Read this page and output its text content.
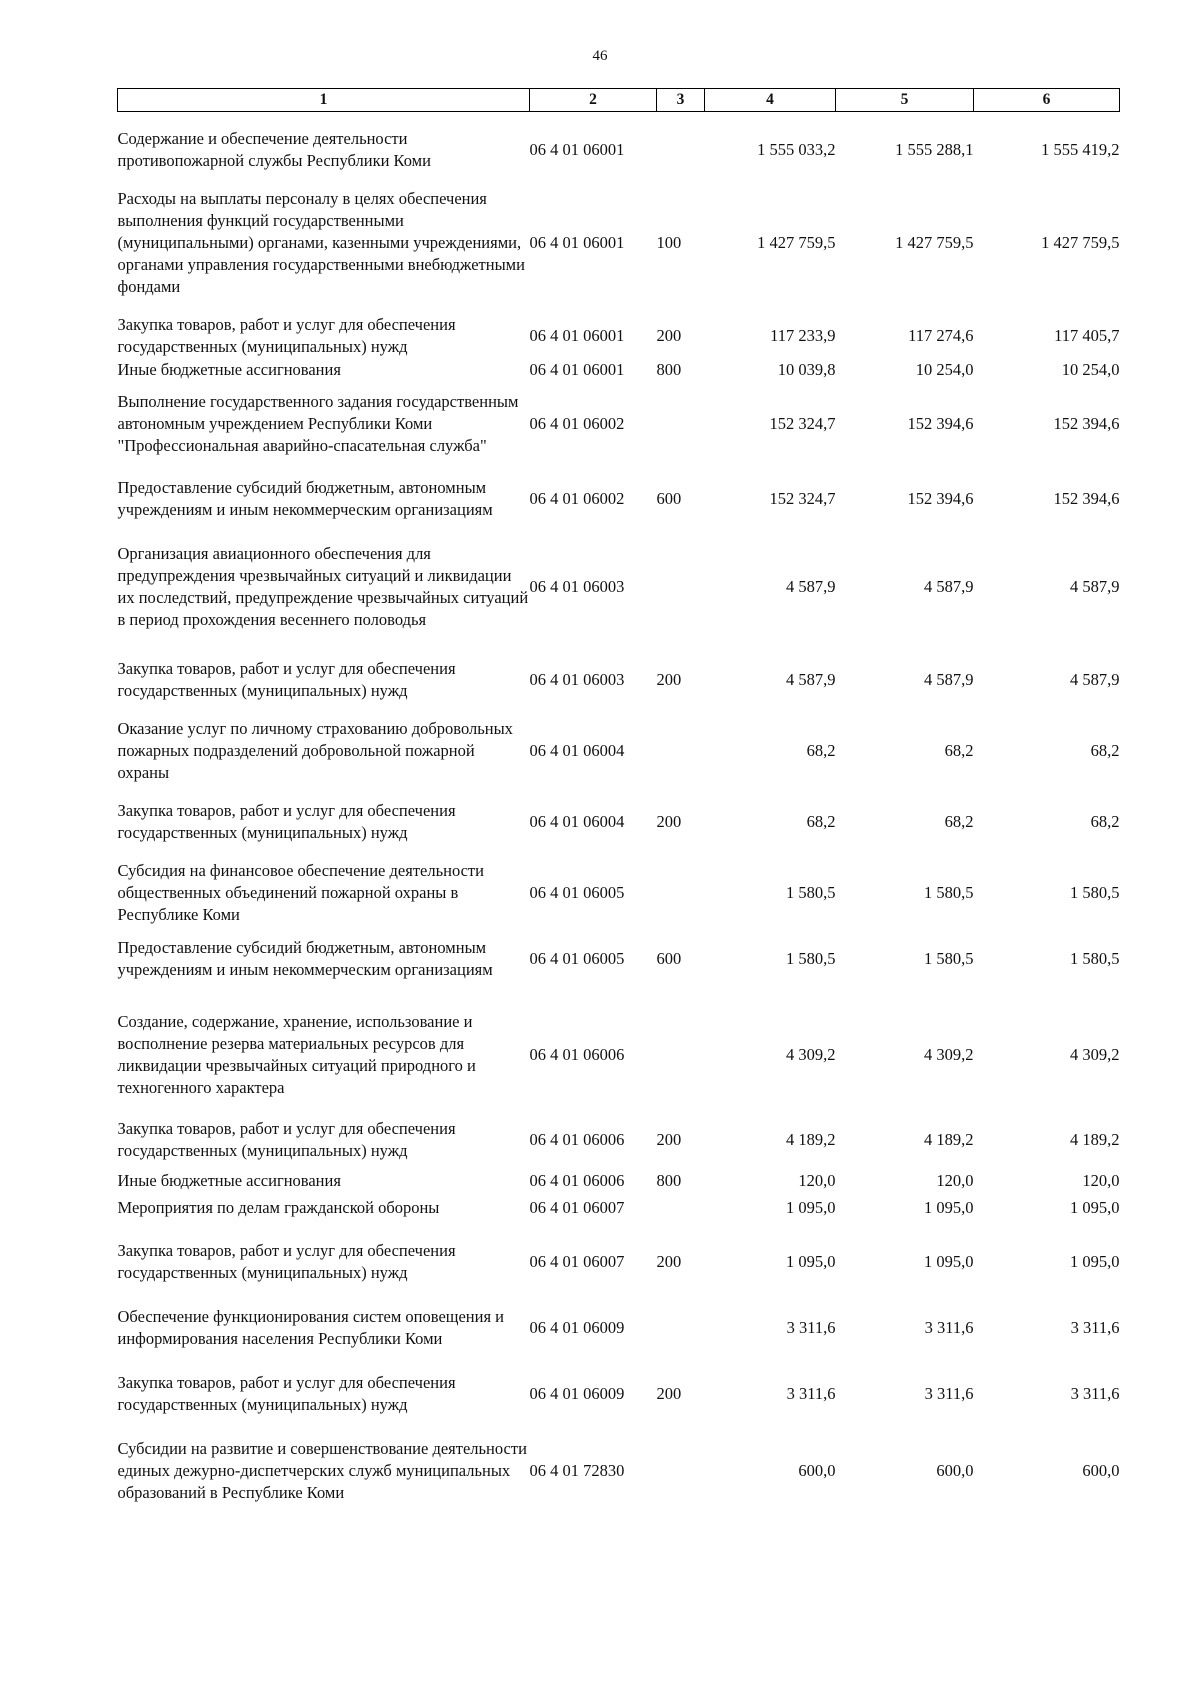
46
1	2	3	4	5	6
Содержание и обеспечение деятельности противопожарной службы Республики Коми	06 4 01 06001		1 555 033,2	1 555 288,1	1 555 419,2
Расходы на выплаты персоналу в целях обеспечения выполнения функций государственными (муниципальными) органами, казенными учреждениями, органами управления государственными внебюджетными фондами	06 4 01 06001	100	1 427 759,5	1 427 759,5	1 427 759,5
Закупка товаров, работ и услуг для обеспечения государственных (муниципальных) нужд	06 4 01 06001	200	117 233,9	117 274,6	117 405,7
Иные бюджетные ассигнования	06 4 01 06001	800	10 039,8	10 254,0	10 254,0
Выполнение государственного задания государственным автономным учреждением Республики Коми "Профессиональная аварийно-спасательная служба"	06 4 01 06002		152 324,7	152 394,6	152 394,6
Предоставление субсидий бюджетным, автономным учреждениям и иным некоммерческим организациям	06 4 01 06002	600	152 324,7	152 394,6	152 394,6
Организация авиационного обеспечения для предупреждения чрезвычайных ситуаций и ликвидации их последствий, предупреждение чрезвычайных ситуаций в период прохождения весеннего половодья	06 4 01 06003		4 587,9	4 587,9	4 587,9
Закупка товаров, работ и услуг для обеспечения государственных (муниципальных) нужд	06 4 01 06003	200	4 587,9	4 587,9	4 587,9
Оказание услуг по личному страхованию добровольных пожарных подразделений добровольной пожарной охраны	06 4 01 06004		68,2	68,2	68,2
Закупка товаров, работ и услуг для обеспечения государственных (муниципальных) нужд	06 4 01 06004	200	68,2	68,2	68,2
Субсидия на финансовое обеспечение деятельности общественных объединений пожарной охраны в Республике Коми	06 4 01 06005		1 580,5	1 580,5	1 580,5
Предоставление субсидий бюджетным, автономным учреждениям и иным некоммерческим организациям	06 4 01 06005	600	1 580,5	1 580,5	1 580,5
Создание, содержание, хранение, использование и восполнение резерва материальных ресурсов для ликвидации чрезвычайных ситуаций природного и техногенного характера	06 4 01 06006		4 309,2	4 309,2	4 309,2
Закупка товаров, работ и услуг для обеспечения государственных (муниципальных) нужд	06 4 01 06006	200	4 189,2	4 189,2	4 189,2
Иные бюджетные ассигнования	06 4 01 06006	800	120,0	120,0	120,0
Мероприятия по делам гражданской обороны	06 4 01 06007		1 095,0	1 095,0	1 095,0
Закупка товаров, работ и услуг для обеспечения государственных (муниципальных) нужд	06 4 01 06007	200	1 095,0	1 095,0	1 095,0
Обеспечение функционирования систем оповещения и информирования населения Республики Коми	06 4 01 06009		3 311,6	3 311,6	3 311,6
Закупка товаров, работ и услуг для обеспечения государственных (муниципальных) нужд	06 4 01 06009	200	3 311,6	3 311,6	3 311,6
Субсидии на развитие и совершенствование деятельности единых дежурно-диспетчерских служб муниципальных образований в Республике Коми	06 4 01 72830		600,0	600,0	600,0
